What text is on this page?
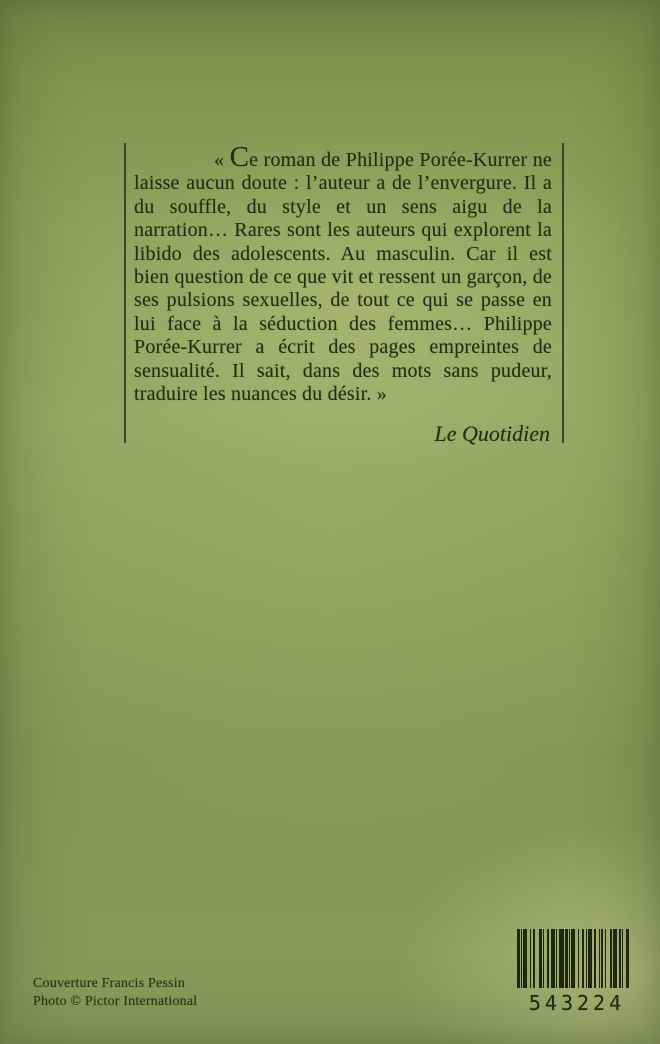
« Ce roman de Philippe Porée-Kurrer ne laisse aucun doute : l’auteur a de l’envergure. Il a du souffle, du style et un sens aigu de la narration… Rares sont les auteurs qui explorent la libido des adolescents. Au masculin. Car il est bien question de ce que vit et ressent un garçon, de ses pulsions sexuelles, de tout ce qui se passe en lui face à la séduction des femmes… Philippe Porée-Kurrer a écrit des pages empreintes de sensualité. Il sait, dans des mots sans pudeur, traduire les nuances du désir. »

Le Quotidien
Couverture Francis Pessin
Photo © Pictor International	543224
